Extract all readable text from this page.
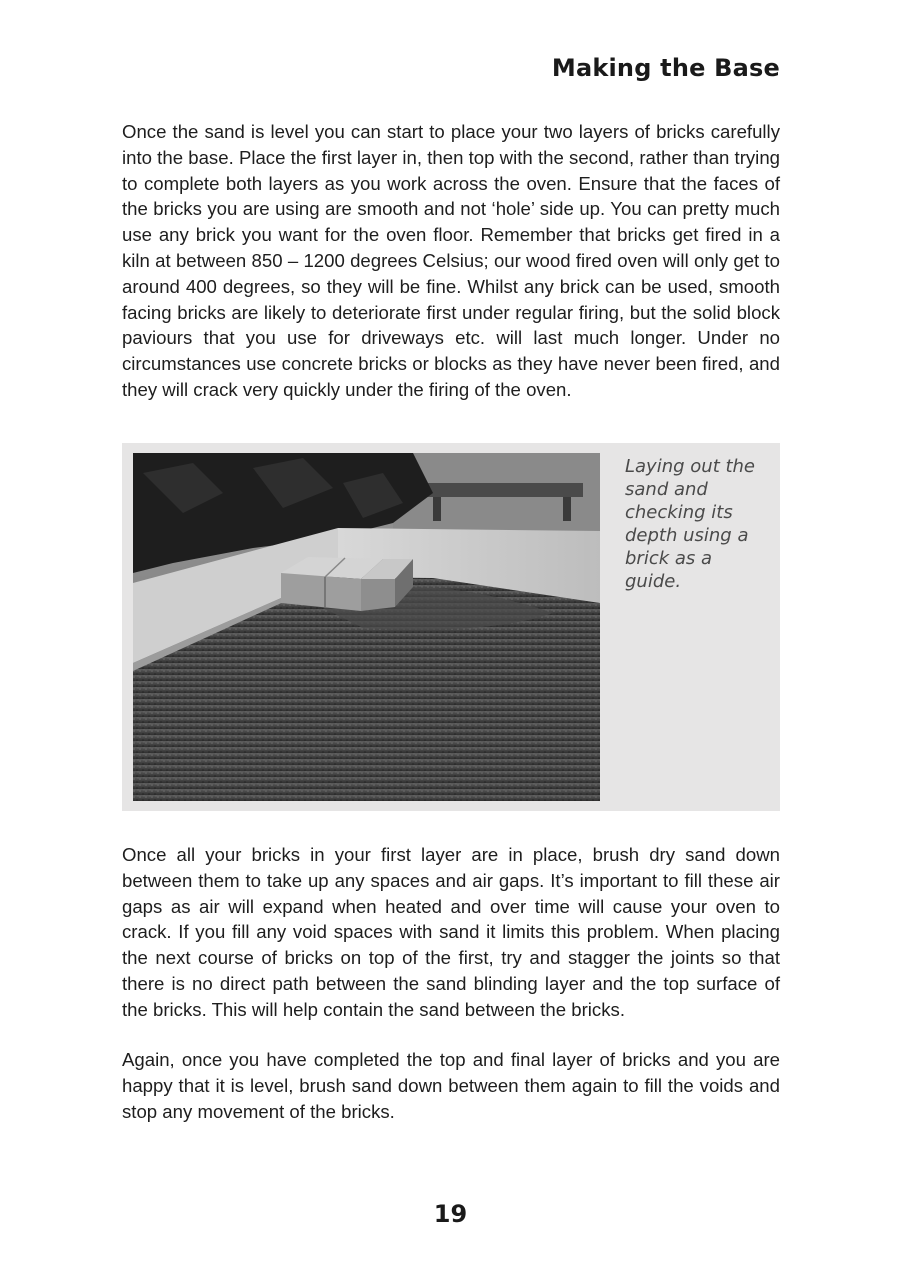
Making the Base

Once the sand is level you can start to place your two layers of bricks carefully into the base. Place the first layer in, then top with the second, rather than trying to complete both layers as you work across the oven. Ensure that the faces of the bricks you are using are smooth and not ‘hole’ side up. You can pretty much use any brick you want for the oven floor. Remember that bricks get fired in a kiln at between 850 – 1200 degrees Celsius; our wood fired oven will only get to around 400 degrees, so they will be fine. Whilst any brick can be used, smooth facing bricks are likely to deteriorate first under regular firing, but the solid block paviours that you use for driveways etc. will last much longer. Under no circumstances use concrete bricks or blocks as they have never been fired, and they will crack very quickly under the firing of the oven.

Laying out the sand and checking its depth using a brick as a guide.

Once all your bricks in your first layer are in place, brush dry sand down between them to take up any spaces and air gaps. It’s important to fill these air gaps as air will expand when heated and over time will cause your oven to crack. If you fill any void spaces with sand it limits this problem. When placing the next course of bricks on top of the first, try and stagger the joints so that there is no direct path between the sand blinding layer and the top surface of the bricks. This will help contain the sand between the bricks.

Again, once you have completed the top and final layer of bricks and you are happy that it is level, brush sand down between them again to fill the voids and stop any movement of the bricks.

19
